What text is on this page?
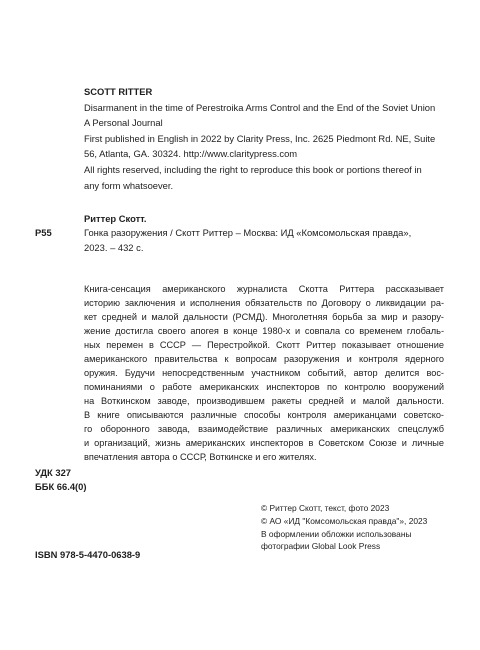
SCOTT RITTER
Disarmanent in the time of Perestroika Arms Control and the End of the Soviet Union
A Personal Journal
First published in English in 2022 by Clarity Press, Inc. 2625 Piedmont Rd. NE, Suite
56, Atlanta, GA. 30324. http://www.claritypress.com
All rights reserved, including the right to reproduce this book or portions thereof in
any form whatsoever.
Р55
Риттер Скотт.
Гонка разоружения / Скотт Риттер – Москва: ИД «Комсомольская правда»,
2023. – 432 с.
Книга-сенсация американского журналиста Скотта Риттера рассказывает
историю заключения и исполнения обязательств по Договору о ликвидации ра-
кет средней и малой дальности (РСМД). Многолетняя борьба за мир и разору-
жение достигла своего апогея в конце 1980-х и совпала со временем глобаль-
ных перемен в СССР — Перестройкой. Скотт Риттер показывает отношение
американского правительства к вопросам разоружения и контроля ядерного
оружия. Будучи непосредственным участником событий, автор делится вос-
поминаниями о работе американских инспекторов по контролю вооружений
на Воткинском заводе, производившем ракеты средней и малой дальности.
В книге описываются различные способы контроля американцами советско-
го оборонного завода, взаимодействие различных американских спецслужб
и организаций, жизнь американских инспекторов в Советском Союзе и личные
впечатления автора о СССР, Воткинске и его жителях.
УДК 327
ББК 66.4(0)
© Риттер Скотт, текст, фото 2023
© АО «ИД "Комсомольская правда"», 2023
В оформлении обложки использованы
фотографии Global Look Press
ISBN 978-5-4470-0638-9
